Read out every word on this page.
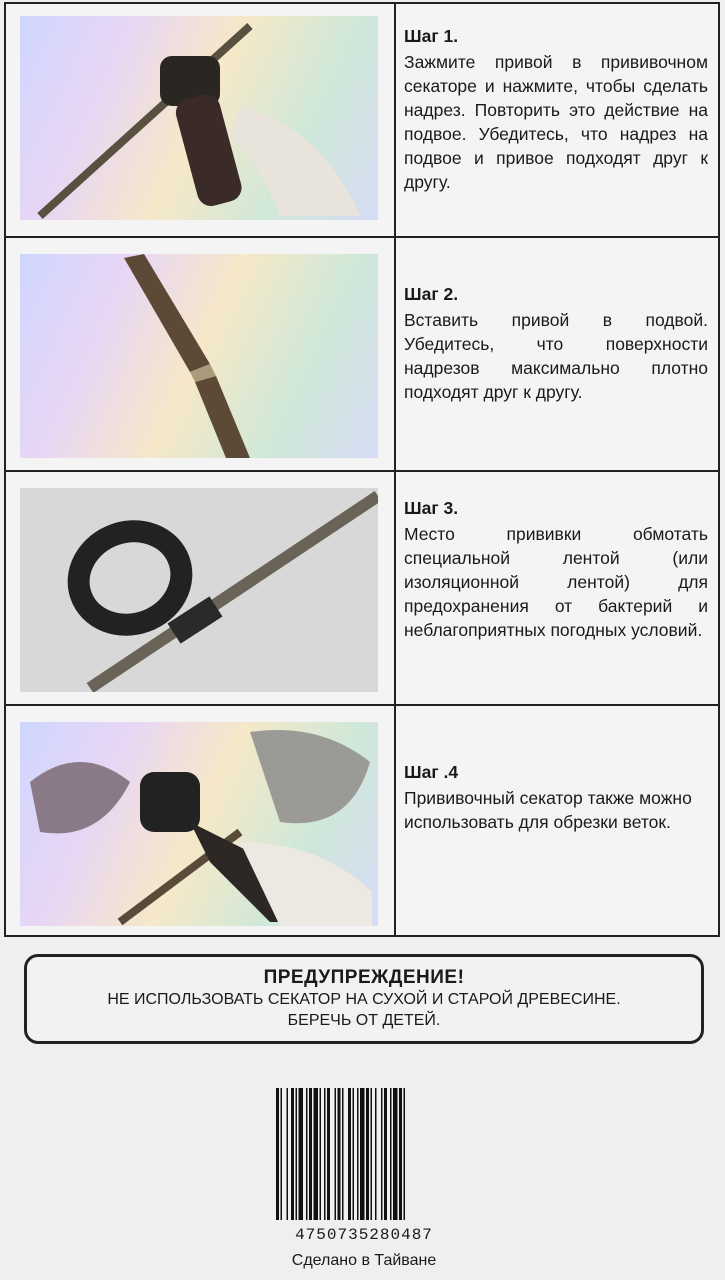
Шаг 1.
Зажмите привой в прививочном секаторе и нажмите, чтобы сделать надрез. Повторить это действие на подвое. Убедитесь, что надрез на подвое и привое подходят друг к другу.
Шаг 2.
Вставить привой в подвой. Убедитесь, что поверхности надрезов максимально плотно подходят друг к другу.
Шаг 3.
Место прививки обмотать специальной лентой (или изоляционной лентой) для предохранения от бактерий и неблагоприятных погодных условий.
Шаг .4
Прививочный секатор также можно использовать для обрезки веток.
ПРЕДУПРЕЖДЕНИЕ!
НЕ ИСПОЛЬЗОВАТЬ СЕКАТОР НА СУХОЙ И СТАРОЙ ДРЕВЕСИНЕ.
БЕРЕЧЬ ОТ ДЕТЕЙ.
4750735280487
Сделано в Тайване
